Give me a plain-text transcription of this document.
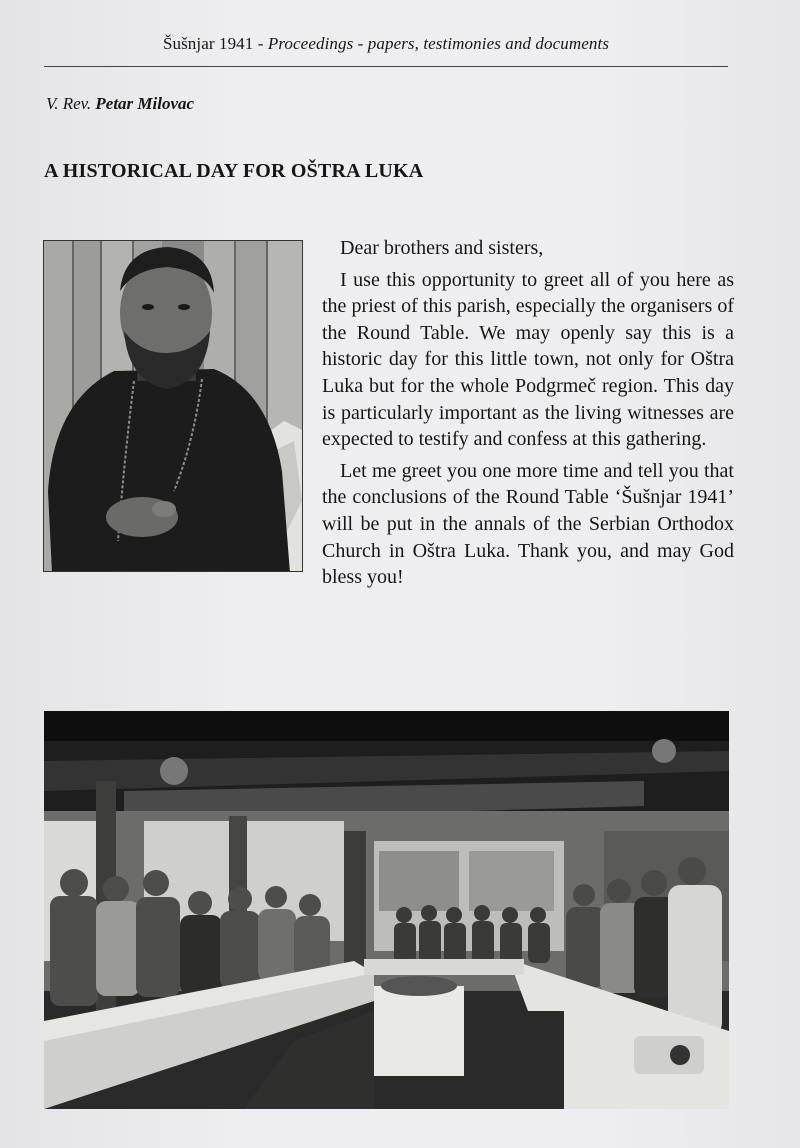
Šušnjar 1941 - Proceedings - papers, testimonies and documents
V. Rev. Petar Milovac
A HISTORICAL DAY FOR OŠTRA LUKA

Dear brothers and sisters,

I use this opportunity to greet all of you here as the priest of this parish, especially the organisers of the Round Table. We may openly say this is a historic day for this little town, not only for Oštra Luka but for the whole Podgrmeč region. This day is particularly important as the living witnesses are expected to testify and confess at this gathering.

Let me greet you one more time and tell you that the conclusions of the Round Table ‘Šušnjar 1941’ will be put in the annals of the Serbian Orthodox Church in Oštra Luka. Thank you, and may God bless you!
